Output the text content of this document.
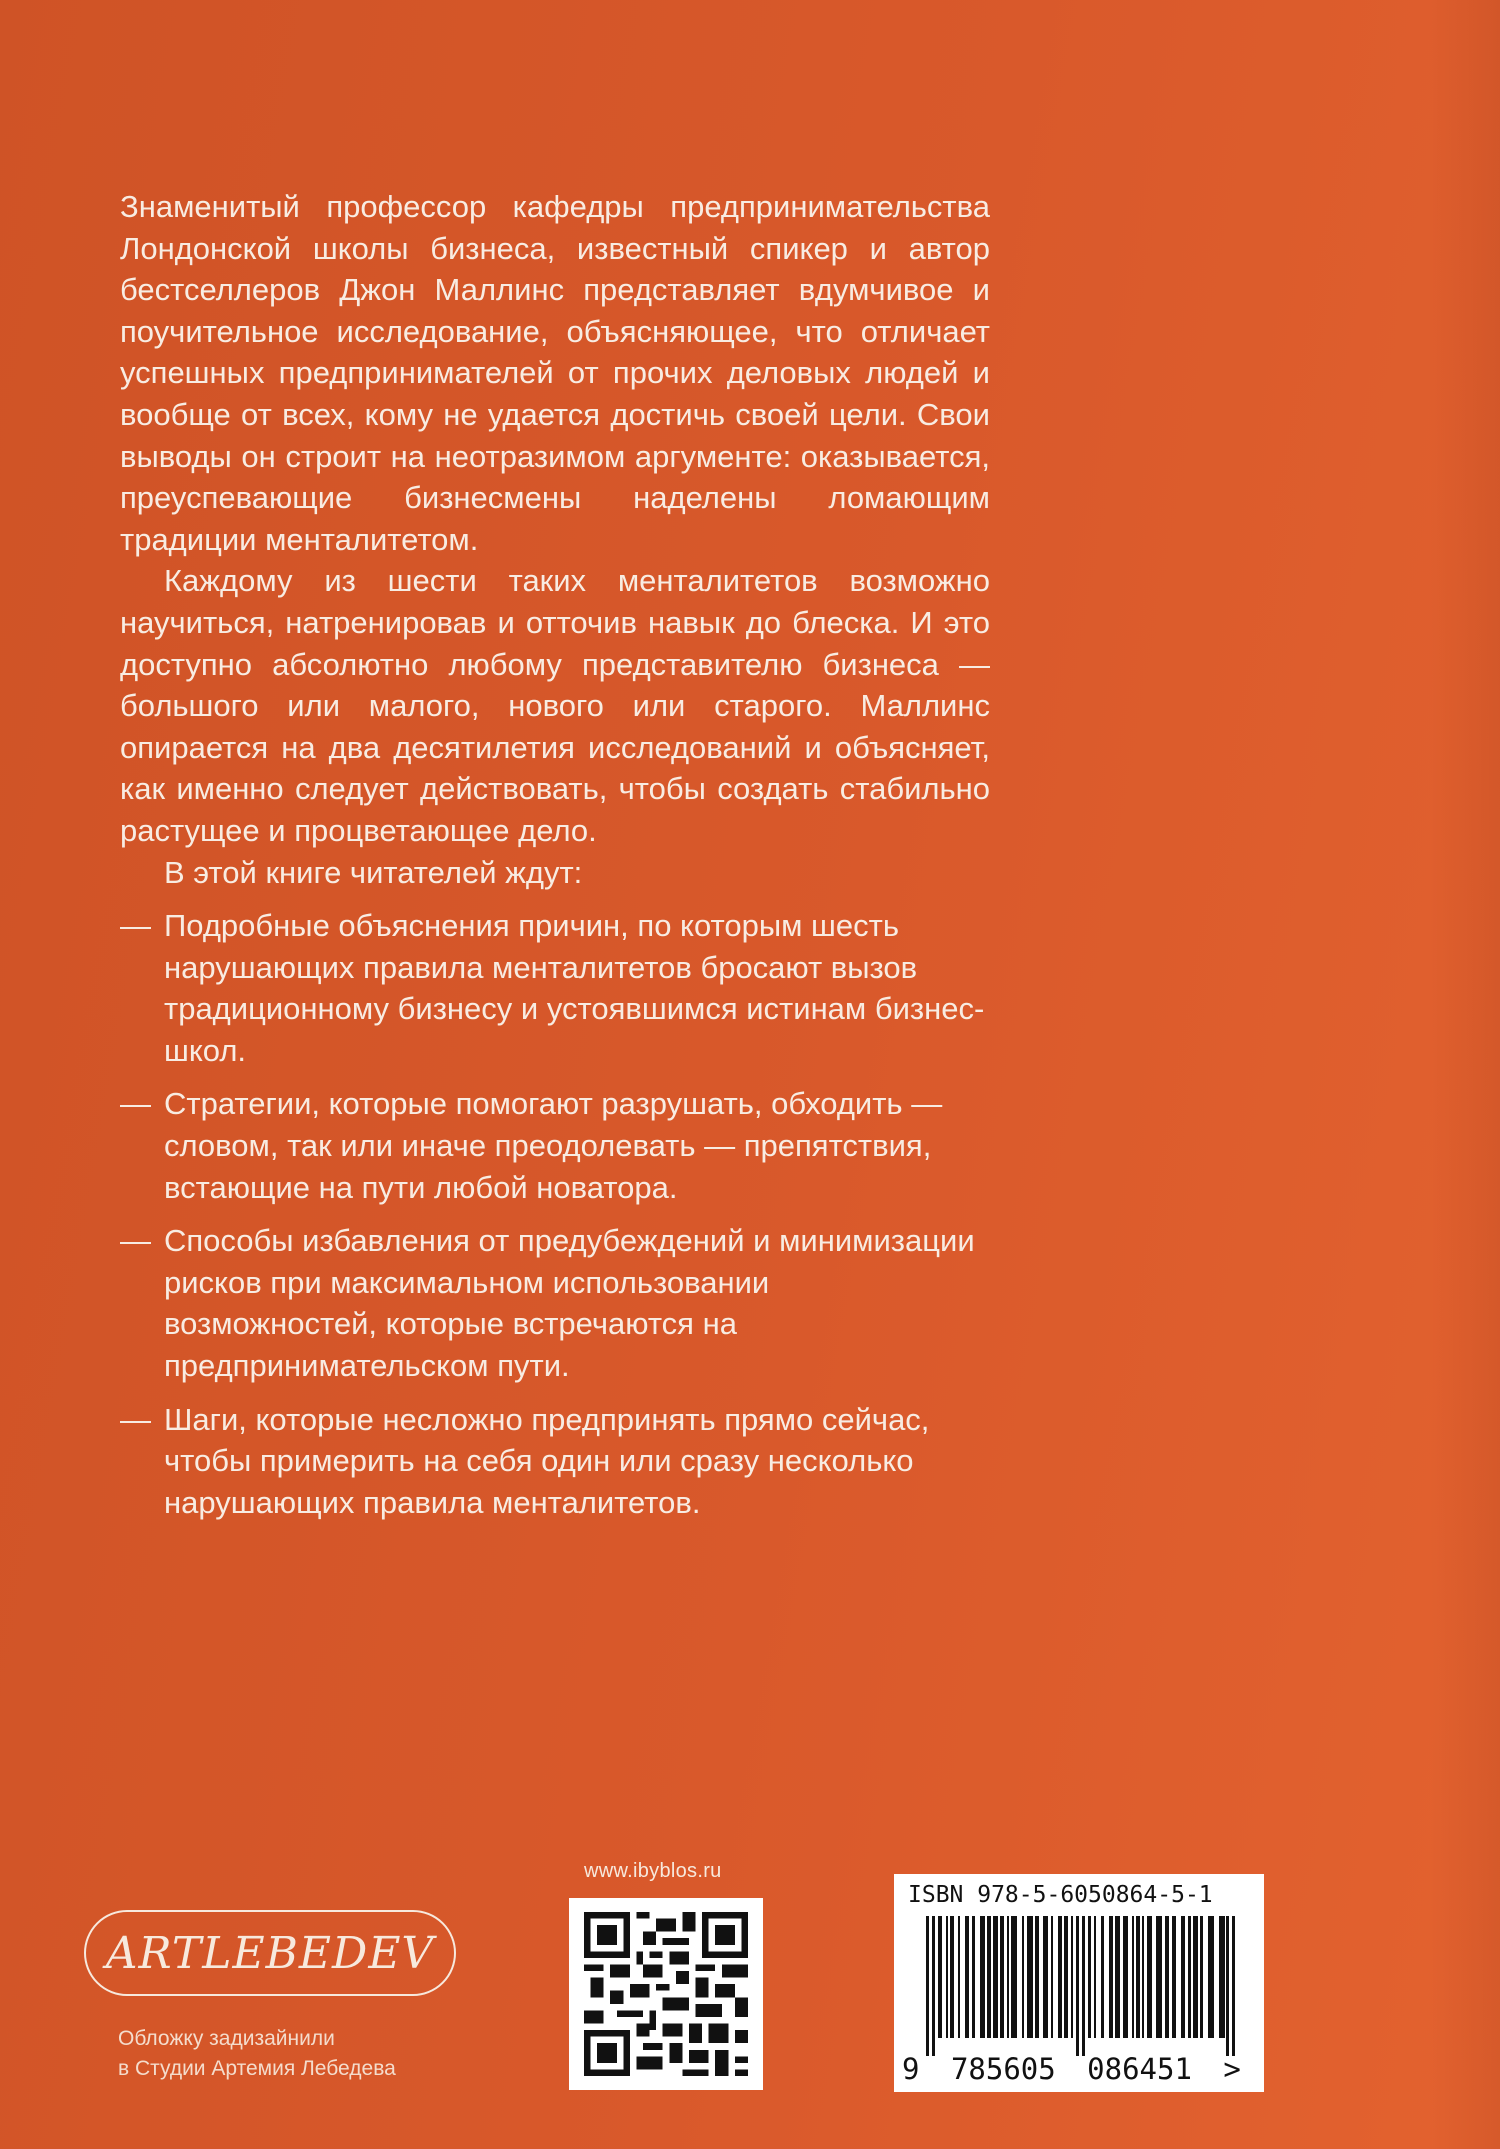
Знаменитый профессор кафедры предпринимательства Лондонской школы бизнеса, известный спикер и автор бестселлеров Джон Маллинс представляет вдумчивое и поучительное исследование, объясняющее, что отличает успешных предпринимателей от прочих деловых людей и вообще от всех, кому не удается достичь своей цели. Свои выводы он строит на неотразимом аргументе: оказывается, преуспевающие бизнесмены наделены ломающим традиции менталитетом.

Каждому из шести таких менталитетов возможно научиться, натренировав и отточив навык до блеска. И это доступно абсолютно любому представителю бизнеса — большого или малого, нового или старого. Маллинс опирается на два десятилетия исследований и объясняет, как именно следует действовать, чтобы создать стабильно растущее и процветающее дело.

В этой книге читателей ждут:

— Подробные объяснения причин, по которым шесть нарушающих правила менталитетов бросают вызов традиционному бизнесу и устоявшимся истинам бизнес-школ.
— Стратегии, которые помогают разрушать, обходить — словом, так или иначе преодолевать — препятствия, встающие на пути любой новатора.
— Способы избавления от предубеждений и минимизации рисков при максимальном использовании возможностей, которые встречаются на предпринимательском пути.
— Шаги, которые несложно предпринять прямо сейчас, чтобы примерить на себя один или сразу несколько нарушающих правила менталитетов.
ARTLEBEDEV
Обложку задизайнили
в Студии Артемия Лебедева
www.ibyblos.ru
ISBN 978-5-6050864-5-1
9 785605 086451 >
